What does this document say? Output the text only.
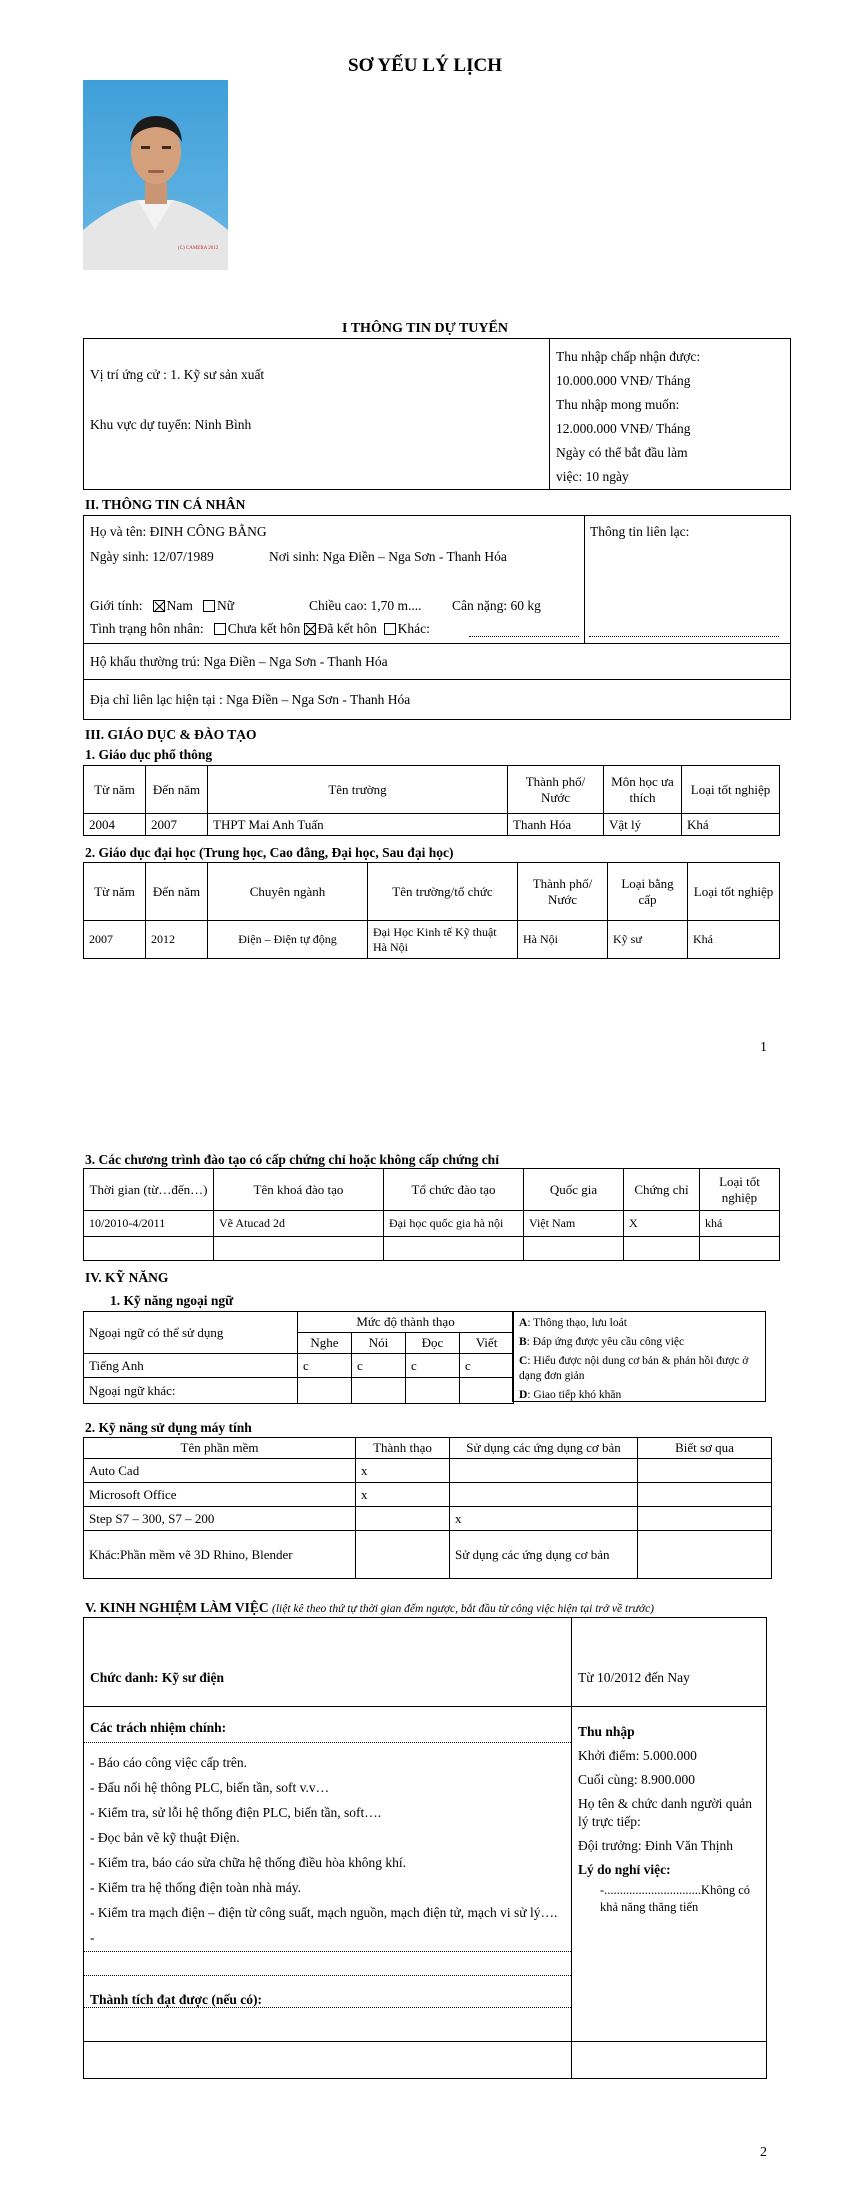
SƠ YẾU LÝ LỊCH
(C) CAMERA 2012
I THÔNG TIN DỰ TUYỂN
Vị trí ứng cử : 1. Kỹ sư sản xuất
Khu vực dự tuyển: Ninh Bình
Thu nhập chấp nhận được:
10.000.000 VNĐ/ Tháng
Thu nhập mong muốn:
12.000.000 VNĐ/ Tháng
Ngày có thể bắt đầu làm
việc: 10 ngày
II. THÔNG TIN CÁ NHÂN
Họ và tên: ĐINH CÔNG BẰNG
Ngày sinh: 12/07/1989	Nơi sinh: Nga Điền – Nga Sơn - Thanh Hóa
Giới tính: Nam Nữ	Chiều cao: 1,70 m.... Cân nặng: 60 kg
Tình trạng hôn nhân: Chưa kết hôn Đã kết hôn Khác:
Thông tin liên lạc:
Hộ khẩu thường trú: Nga Điền – Nga Sơn - Thanh Hóa
Địa chỉ liên lạc hiện tại : Nga Điền – Nga Sơn - Thanh Hóa
III. GIÁO DỤC & ĐÀO TẠO
1. Giáo dục phổ thông
Từ năm	Đến năm	Tên trường	Thành phố/ Nước	Môn học ưa thích	Loại tốt nghiệp
2004	2007	THPT Mai Anh Tuấn	Thanh Hóa	Vật lý	Khá
2. Giáo dục đại học (Trung học, Cao đẳng, Đại học, Sau đại học)
Từ năm	Đến năm	Chuyên ngành	Tên trường/tổ chức	Thành phố/ Nước	Loại bằng cấp	Loại tốt nghiệp
2007	2012	Điện – Điện tự động	Đại Học Kinh tế Kỹ thuật Hà Nội	Hà Nội	Kỹ sư	Khá
1
3. Các chương trình đào tạo có cấp chứng chỉ hoặc không cấp chứng chỉ
Thời gian (từ…đến…)	Tên khoá đào tạo	Tổ chức đào tạo	Quốc gia	Chứng chỉ	Loại tốt nghiệp
10/2010-4/2011	Vẽ Atucad 2d	Đại học quốc gia hà nội	Việt Nam	X	khá

IV. KỸ NĂNG
1. Kỹ năng ngoại ngữ
Ngoại ngữ có thể sử dụng	Mức độ thành thạo			
	Nghe	Nói	Đọc	Viết
Tiếng Anh	c	c	c	c
Ngoại ngữ khác:				
A: Thông thạo, lưu loát
B: Đáp ứng được yêu cầu công việc
C: Hiểu được nội dung cơ bản & phản hồi được ở dạng đơn giản
D: Giao tiếp khó khăn
2. Kỹ năng sử dụng máy tính
Tên phần mềm	Thành thạo	Sử dụng các ứng dụng cơ bản	Biết sơ qua
Auto Cad	x		
Microsoft Office	x		
Step S7 – 300, S7 – 200		x	
Khác:Phần mềm vẽ 3D Rhino, Blender		Sử dụng các ứng dụng cơ bản	
V. KINH NGHIỆM LÀM VIỆC (liệt kê theo thứ tự thời gian đếm ngược, bắt đầu từ công việc hiện tại trở về trước)
Chức danh: Kỹ sư điện	Từ 10/2012 đến Nay
Các trách nhiệm chính:
- Báo cáo công việc cấp trên.
- Đấu nối hệ thông PLC, biến tần, soft v.v…
- Kiểm tra, sử lỗi hệ thống điện PLC, biến tần, soft….
- Đọc bản vẽ kỹ thuật Điện.
- Kiểm tra, báo cáo sửa chữa hệ thống điều hòa không khí.
- Kiểm tra hệ thống điện toàn nhà máy.
- Kiểm tra mạch điện – điện từ công suất, mạch nguồn, mạch điện tử, mạch vi sử lý….
-
Thành tích đạt được (nếu có):
Thu nhập
Khởi điểm: 5.000.000
Cuối cùng: 8.900.000
Họ tên & chức danh người quản lý trực tiếp:
Đội trưởng: Đinh Văn Thịnh
Lý do nghỉ việc:
-...............................Không có khả năng thăng tiến
2
